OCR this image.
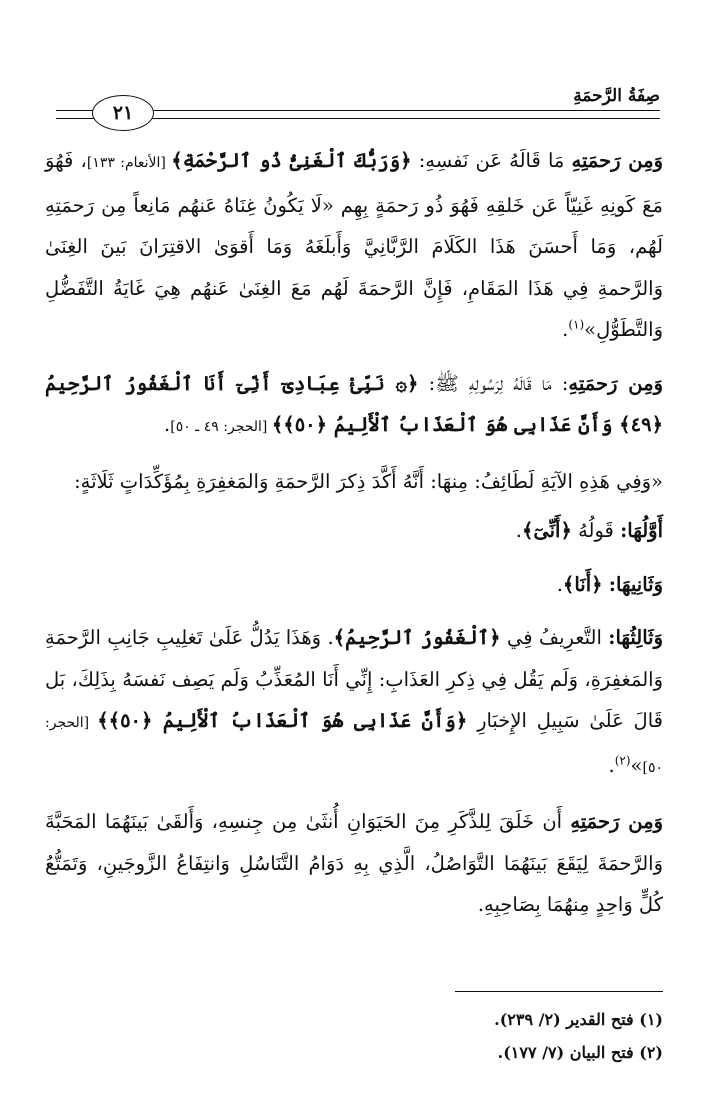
٢١
صِفَةُ الرَّحمَةِ

وَمِن رَحمَتِهِ مَا قَالَهُ عَن نَفسِهِ: ﴿وَرَبُّكَ ٱلْغَنِىُّ ذُو ٱلرَّحْمَةِ﴾ [الأنعام: ١٣٣]، فَهُوَ مَعَ كَونِهِ غَنِيّاً عَن خَلقِهِ فَهُوَ ذُو رَحمَةٍ بِهِم «لَا يَكُونُ غِنَاهُ عَنهُم مَانِعاً مِن رَحمَتِهِ لَهُم، وَمَا أَحسَنَ هَذَا الكَلَامَ الرَّبَّانِيَّ وَأَبلَغَهُ وَمَا أَقوَىٰ الاقتِرَانَ بَينَ الغِنَىٰ وَالرَّحمةِ فِي هَذَا المَقَامِ، فَإِنَّ الرَّحمَةَ لَهُم مَعَ الغِنَىٰ عَنهُم هِيَ غَايَةُ التَّفَضُّلِ وَالتَّطَوُّلِ»$^{(١)}$.

وَمِن رَحمَتِهِ: مَا قَالَهُ لِرَسُولِهِ ﷺ: ﴿۞ نَبِّئْ عِبَادِىٓ أَنِّىٓ أَنَا ٱلْغَفُورُ ٱلرَّحِيمُ ﴿٤٩﴾ وَأَنَّ عَذَابِى هُوَ ٱلْعَذَابُ ٱلْأَلِيمُ ﴿٥٠﴾﴾ [الحجر: ٤٩ ـ ٥٠].

«وَفِي هَذِهِ الآيَةِ لَطَائِفُ: مِنهَا: أَنَّهُ أَكَّدَ ذِكرَ الرَّحمَةِ وَالمَغفِرَةِ بِمُؤَكِّدَاتٍ ثَلَاثَةٍ:

أَوَّلُهَا: قَولُهُ ﴿أَنِّىٓ﴾.

وَثَانِيهَا: ﴿أَنَا﴾.

وَثَالِثُهَا: التَّعرِيفُ فِي ﴿ٱلْغَفُورُ ٱلرَّحِيمُ﴾. وَهَذَا يَدُلُّ عَلَىٰ تَغلِيبِ جَانِبِ الرَّحمَةِ وَالمَغفِرَةِ، وَلَم يَقُل فِي ذِكرِ العَذَابِ: إِنِّي أَنَا المُعَذِّبُ وَلَم يَصِف نَفسَهُ بِذَلِكَ، بَل قَالَ عَلَىٰ سَبِيلِ الإِخبَارِ ﴿وَأَنَّ عَذَابِى هُوَ ٱلْعَذَابُ ٱلْأَلِيمُ ﴿٥٠﴾﴾ [الحجر: ٥٠]»$^{(٢)}$.

وَمِن رَحمَتِهِ أَن خَلَقَ لِلذَّكَرِ مِنَ الحَيَوَانِ أُنثَىٰ مِن جِنسِهِ، وَأَلقَىٰ بَينَهُمَا المَحَبَّةَ وَالرَّحمَةَ لِيَقَعَ بَينَهُمَا التَّوَاصُلُ، الَّذِي بِهِ دَوَامُ التَّنَاسُلِ وَانتِفَاعُ الزَّوجَينِ، وَتَمَتُّعُ كُلٍّ وَاحِدٍ مِنهُمَا بِصَاحِبِهِ.

(١) فتح القدير (٢/ ٢٣٩).
(٢) فتح البيان (٧/ ١٧٧).
